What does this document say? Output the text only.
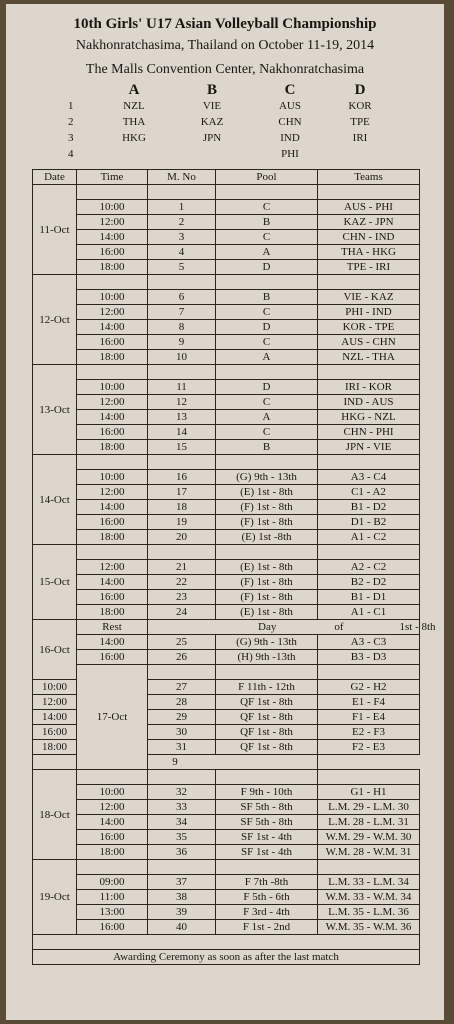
10th Girls' U17 Asian Volleyball Championship
Nakhonratchasima, Thailand on October 11-19, 2014
The Malls Convention Center, Nakhonratchasima
A	B	C	D
1	NZL	VIE	AUS	KOR
2	THA	KAZ	CHN	TPE
3	HKG	JPN	IND	IRI
4	PHI
Date	Time	M. No	Pool	Teams	
11-Oct					
	10:00	1	C	AUS - PHI	
	12:00	2	B	KAZ - JPN	
	14:00	3	C	CHN - IND	
	16:00	4	A	THA - HKG	
	18:00	5	D	TPE - IRI	
12-Oct					
	10:00	6	B	VIE - KAZ	
	12:00	7	C	PHI - IND	
	14:00	8	D	KOR - TPE	
	16:00	9	C	AUS - CHN	
	18:00	10	A	NZL - THA	
13-Oct					
	10:00	11	D	IRI - KOR	
	12:00	12	C	IND - AUS	
	14:00	13	A	HKG - NZL	
	16:00	14	C	CHN - PHI	
	18:00	15	B	JPN - VIE	
14-Oct					
	10:00	16	(G) 9th - 13th	A3 - C4	
	12:00	17	(E) 1st - 8th	C1 - A2	
	14:00	18	(F) 1st - 8th	B1 - D2	
	16:00	19	(F) 1st - 8th	D1 - B2	
	18:00	20	(E) 1st -8th	A1 - C2	
15-Oct					
	12:00	21	(E) 1st - 8th	A2 - C2	
	14:00	22	(F) 1st - 8th	B2 - D2	
	16:00	23	(F) 1st - 8th	B1 - D1	
	18:00	24	(E) 1st - 8th	A1 - C1	
16-Oct	Rest	Day of 1st - 8th			
	14:00	25	(G) 9th - 13th	A3 - C3	
	16:00	26	(H) 9th -13th	B3 - D3	
	17-Oct				
10:00		27	F 11th - 12th	G2 - H2	
12:00		28	QF 1st - 8th	E1 - F4	
14:00		29	QF 1st - 8th	F1 - E4	
16:00		30	QF 1st - 8th	E2 - F3	
18:00		31	QF 1st - 8th	F2 - E3	
9					
18-Oct					
	10:00	32	F 9th - 10th	G1 - H1	
	12:00	33	SF 5th - 8th	L.M. 29 - L.M. 30	
	14:00	34	SF 5th - 8th	L.M. 28 - L.M. 31	
	16:00	35	SF 1st - 4th	W.M. 29 - W.M. 30	
	18:00	36	SF 1st - 4th	W.M. 28 - W.M. 31	
19-Oct					
	09:00	37	F 7th -8th	L.M. 33 - L.M. 34	
	11:00	38	F 5th - 6th	W.M. 33 - W.M. 34	
	13:00	39	F 3rd - 4th	L.M. 35 - L.M. 36	
	16:00	40	F 1st - 2nd	W.M. 35 - W.M. 36	

Awarding Ceremony as soon as after the last match					
